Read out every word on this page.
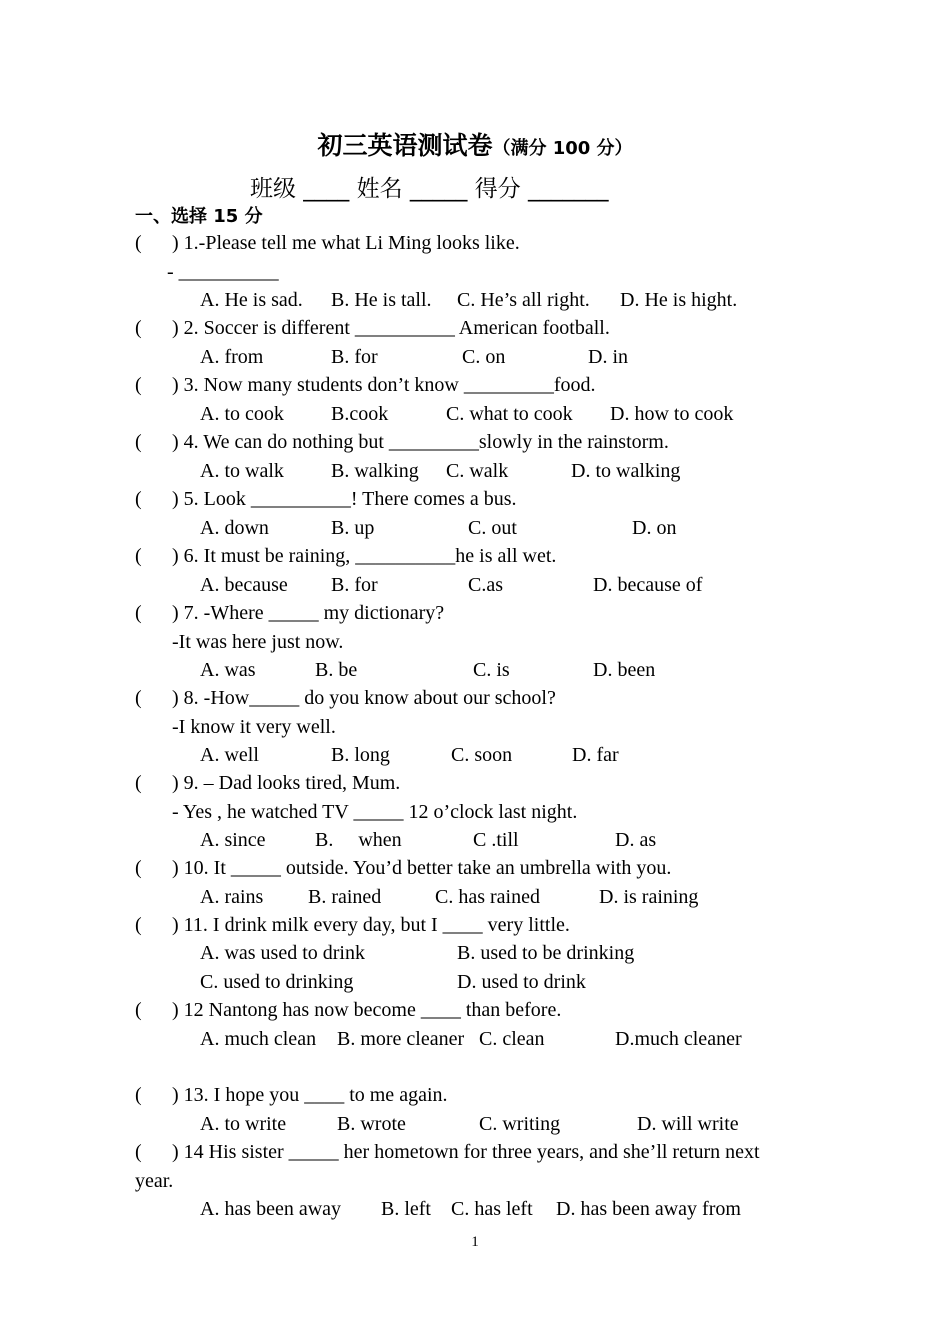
初三英语测试卷（满分 100 分）
班级 ____ 姓名 _____ 得分 _______
一、选择 15 分
( ) 1.-Please tell me what Li Ming looks like.
- __________
A. He is sad. B. He is tall. C. He’s all right. D. He is hight.
( ) 2. Soccer is different __________ American football.
A. from	B. for	C. on	D. in
( ) 3. Now many students don’t know _________food.
A. to cook B.cook	C. what to cook D. how to cook
( ) 4. We can do nothing but _________slowly in the rainstorm.
A. to walk B. walking C. walk	D. to walking
( ) 5. Look __________! There comes a bus.
A. down	B. up	C. out	D. on
( ) 6. It must be raining, __________he is all wet.
A. because B. for	C.as	D. because of
( ) 7. -Where _____ my dictionary?
-It was here just now.
A. was	B. be	C. is	D. been
( ) 8. -How_____ do you know about our school?
-I know it very well.
A. well	B. long	C. soon	D. far
( ) 9. – Dad looks tired, Mum.
- Yes , he watched TV _____ 12 o’clock last night.
A. since B.     when	C .till	D. as
( ) 10. It _____ outside. You’d better take an umbrella with you.
A. rains B. rained	C. has rained	D. is raining
( ) 11. I drink milk every day, but I ____ very little.
A. was used to drink	B. used to be drinking
C. used to drinking	D. used to drink
( ) 12 Nantong has now become ____ than before.
A. much clean B. more cleaner C. clean	D.much cleaner
( ) 13. I hope you ____ to me again.
A. to write	B. wrote	C. writing	D. will write
( ) 14 His sister _____ her hometown for three years, and she’ll return next
year.
A. has been away B. left C. has left D. has been away from
1
